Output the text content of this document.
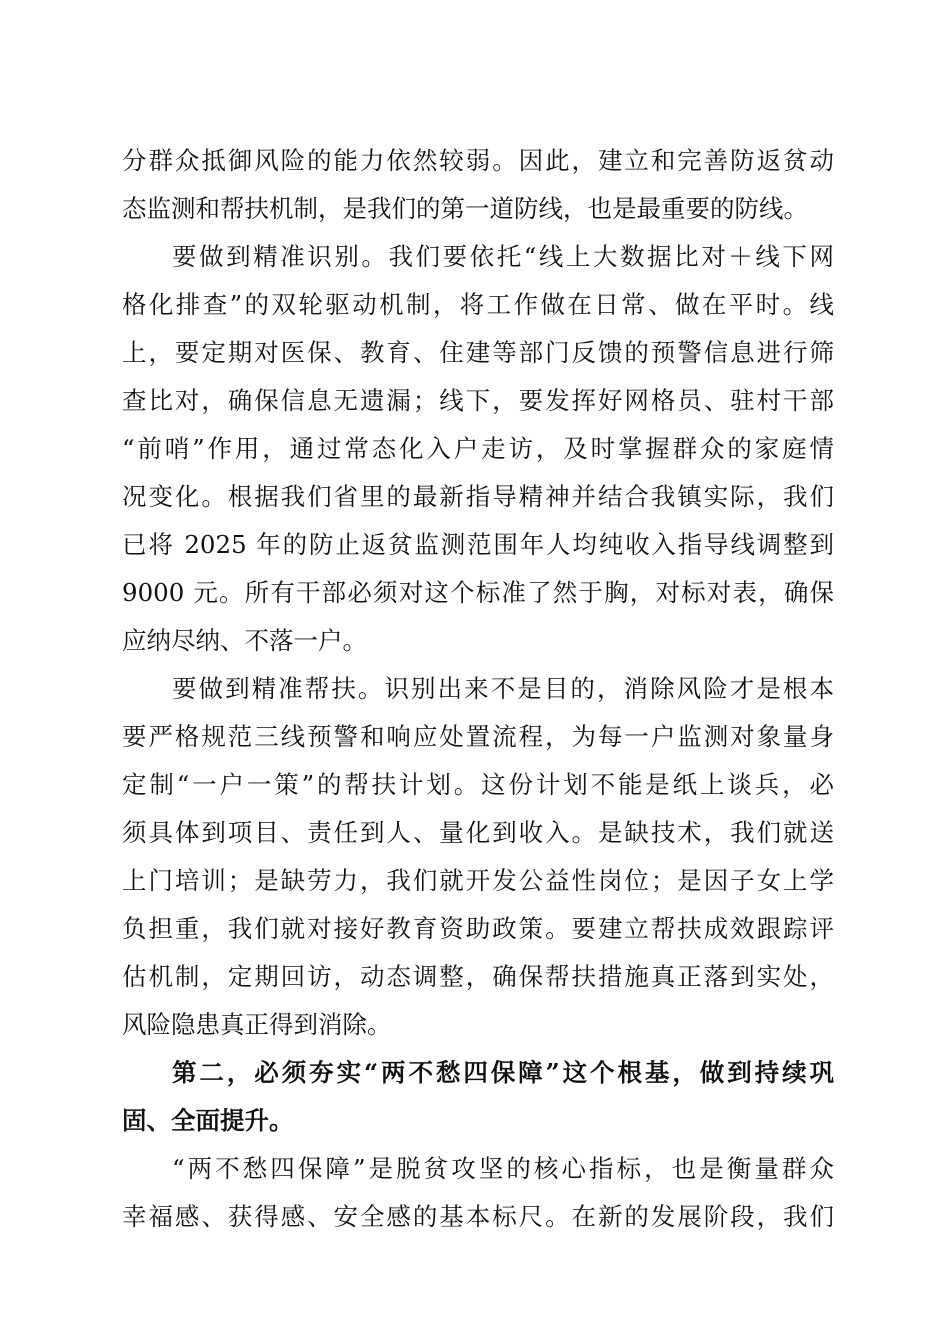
分群众抵御风险的能力依然较弱。因此，建立和完善防返贫动
态监测和帮扶机制，是我们的第一道防线，也是最重要的防线。
要做到精准识别。我们要依托“线上大数据比对＋线下网
格化排查”的双轮驱动机制，将工作做在日常、做在平时。线
上，要定期对医保、教育、住建等部门反馈的预警信息进行筛
查比对，确保信息无遗漏；线下，要发挥好网格员、驻村干部
“前哨”作用，通过常态化入户走访，及时掌握群众的家庭情
况变化。根据我们省里的最新指导精神并结合我镇实际，我们
已将 2025 年的防止返贫监测范围年人均纯收入指导线调整到
9000 元。所有干部必须对这个标准了然于胸，对标对表，确保
应纳尽纳、不落一户。
要做到精准帮扶。识别出来不是目的，消除风险才是根本
要严格规范三线预警和响应处置流程，为每一户监测对象量身
定制“一户一策”的帮扶计划。这份计划不能是纸上谈兵，必
须具体到项目、责任到人、量化到收入。是缺技术，我们就送
上门培训；是缺劳力，我们就开发公益性岗位；是因子女上学
负担重，我们就对接好教育资助政策。要建立帮扶成效跟踪评
估机制，定期回访，动态调整，确保帮扶措施真正落到实处，
风险隐患真正得到消除。
第二，必须夯实“两不愁四保障”这个根基，做到持续巩
固、全面提升。
“两不愁四保障”是脱贫攻坚的核心指标，也是衡量群众
幸福感、获得感、安全感的基本标尺。在新的发展阶段，我们
